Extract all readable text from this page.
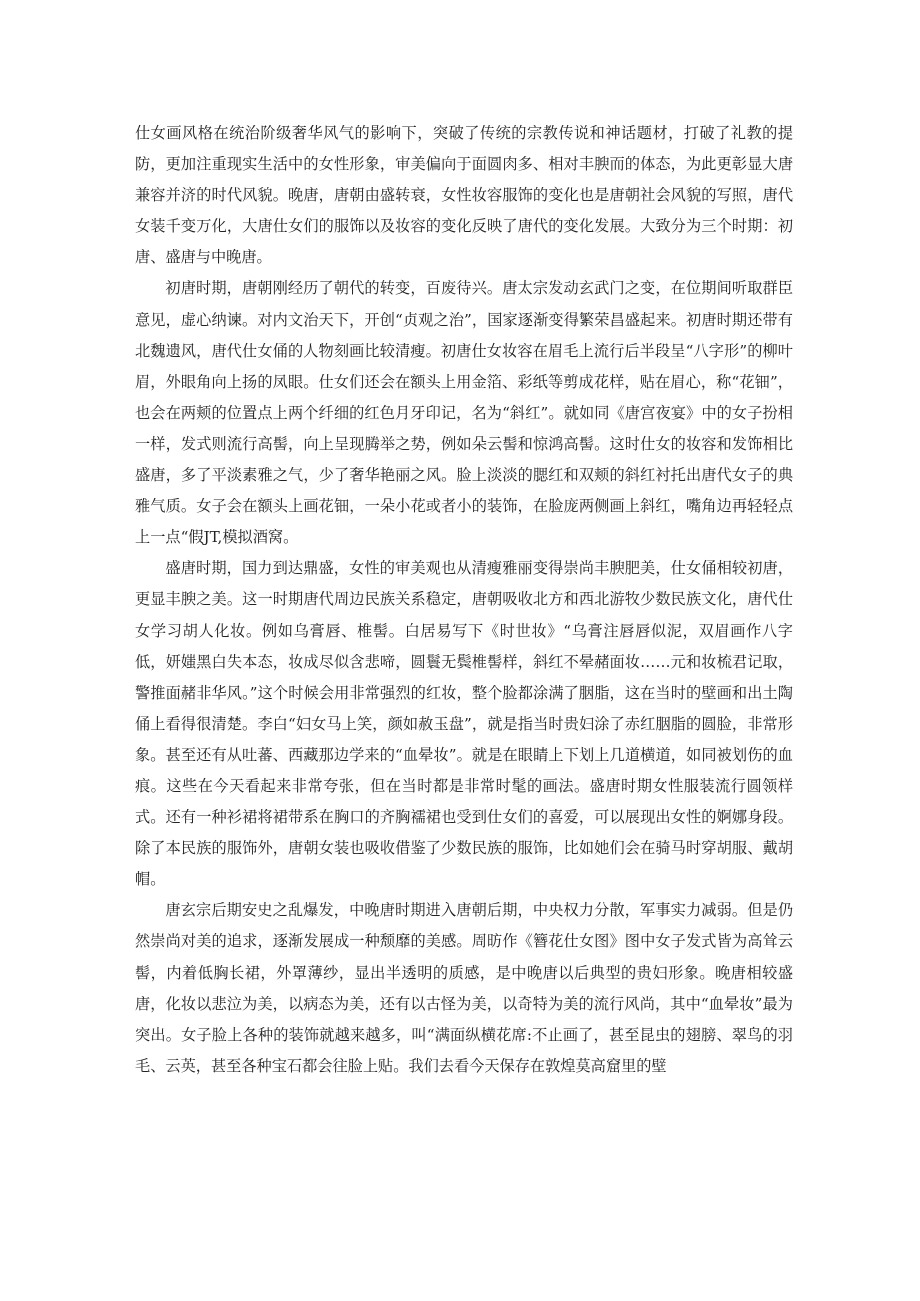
仕女画风格在统治阶级奢华风气的影响下，突破了传统的宗教传说和神话题材，打破了礼教的提防，更加注重现实生活中的女性形象，审美偏向于面圆肉多、相对丰腴而的体态，为此更彰显大唐兼容并济的时代风貌。晚唐，唐朝由盛转衰，女性妆容服饰的变化也是唐朝社会风貌的写照，唐代女装千变万化，大唐仕女们的服饰以及妆容的变化反映了唐代的变化发展。大致分为三个时期：初唐、盛唐与中晚唐。

初唐时期，唐朝刚经历了朝代的转变，百废待兴。唐太宗发动玄武门之变，在位期间听取群臣意见，虚心纳谏。对内文治天下，开创“贞观之治”，国家逐渐变得繁荣昌盛起来。初唐时期还带有北魏遗风，唐代仕女俑的人物刻画比较清瘦。初唐仕女妆容在眉毛上流行后半段呈“八字形”的柳叶眉，外眼角向上扬的凤眼。仕女们还会在额头上用金箔、彩纸等剪成花样，贴在眉心，称“花钿”，也会在两颊的位置点上两个纤细的红色月牙印记，名为“斜红”。就如同《唐宫夜宴》中的女子扮相一样，发式则流行高髻，向上呈现腾举之势，例如朵云髻和惊鸿高髻。这时仕女的妆容和发饰相比盛唐，多了平淡素雅之气，少了奢华艳丽之风。脸上淡淡的腮红和双颊的斜红衬托出唐代女子的典雅气质。女子会在额头上画花钿，一朵小花或者小的装饰，在脸庞两侧画上斜红，嘴角边再轻轻点上一点“假JT,模拟酒窝。

盛唐时期，国力到达鼎盛，女性的审美观也从清瘦雅丽变得崇尚丰腴肥美，仕女俑相较初唐，更显丰腴之美。这一时期唐代周边民族关系稳定，唐朝吸收北方和西北游牧少数民族文化，唐代仕女学习胡人化妆。例如乌膏唇、椎髻。白居易写下《时世妆》“乌膏注唇唇似泥，双眉画作八字低，妍媸黑白失本态，妆成尽似含悲啼，圆鬟无鬓椎髻样，斜红不晕赭面妆……元和妆梳君记取，警推面赭非华风。”这个时候会用非常强烈的红妆，整个脸都涂满了胭脂，这在当时的壁画和出土陶俑上看得很清楚。李白“妇女马上笑，颜如赦玉盘”，就是指当时贵妇涂了赤红胭脂的圆脸，非常形象。甚至还有从吐蕃、西藏那边学来的“血晕妆”。就是在眼睛上下划上几道横道，如同被划伤的血痕。这些在今天看起来非常夸张，但在当时都是非常时髦的画法。盛唐时期女性服装流行圆领样式。还有一种衫裙将裙带系在胸口的齐胸襦裙也受到仕女们的喜爱，可以展现出女性的婀娜身段。除了本民族的服饰外，唐朝女装也吸收借鉴了少数民族的服饰，比如她们会在骑马时穿胡服、戴胡帽。

唐玄宗后期安史之乱爆发，中晚唐时期进入唐朝后期，中央权力分散，军事实力减弱。但是仍然崇尚对美的追求，逐渐发展成一种颓靡的美感。周昉作《簪花仕女图》图中女子发式皆为高耸云髻，内着低胸长裙，外罩薄纱，显出半透明的质感，是中晚唐以后典型的贵妇形象。晚唐相较盛唐，化妆以悲泣为美，以病态为美，还有以古怪为美，以奇特为美的流行风尚，其中“血晕妆”最为突出。女子脸上各种的装饰就越来越多，叫“满面纵横花席:不止画了，甚至昆虫的翅膀、翠鸟的羽毛、云英，甚至各种宝石都会往脸上贴。我们去看今天保存在敦煌莫高窟里的壁
